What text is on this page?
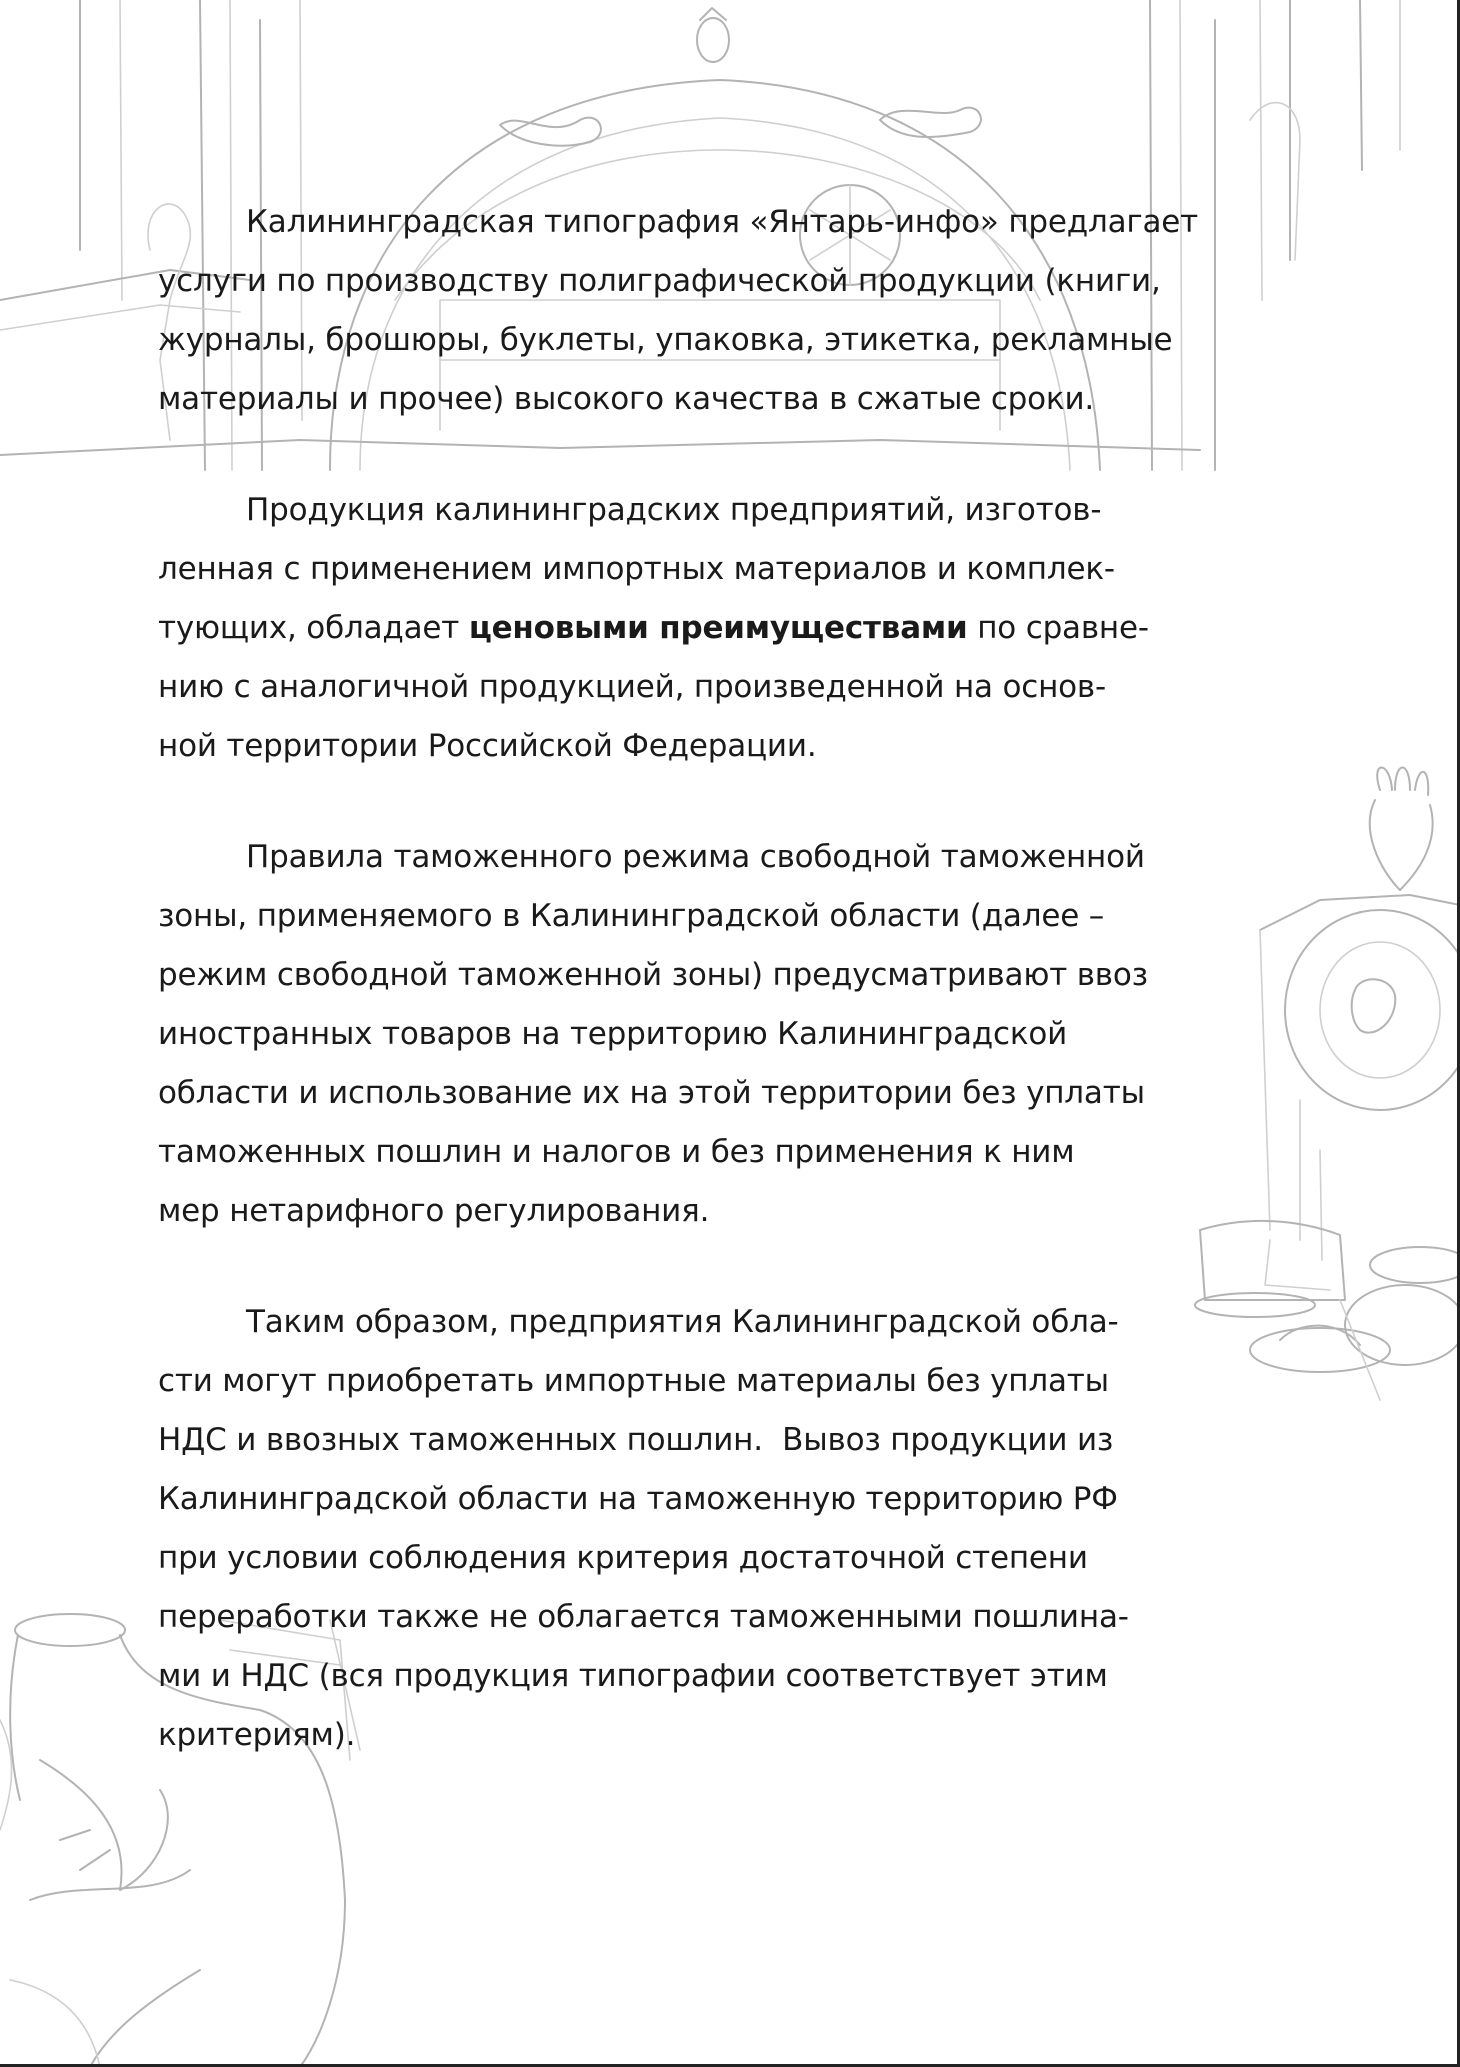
Калининградская типография «Янтарь-инфо» предлагает
услуги по производству полиграфической продукции (книги,
журналы, брошюры, буклеты, упаковка, этикетка, рекламные
материалы и прочее) высокого качества в сжатые сроки.

Продукция калининградских предприятий, изготов-
ленная с применением импортных материалов и комплек-
тующих, обладает ценовыми преимуществами по сравне-
нию с аналогичной продукцией, произведенной на основ-
ной территории Российской Федерации.

Правила таможенного режима свободной таможенной
зоны, применяемого в Калининградской области (далее –
режим свободной таможенной зоны) предусматривают ввоз
иностранных товаров на территорию Калининградской
области и использование их на этой территории без уплаты
таможенных пошлин и налогов и без применения к ним
мер нетарифного регулирования.

Таким образом, предприятия Калининградской обла-
сти могут приобретать импортные материалы без уплаты
НДС и ввозных таможенных пошлин.  Вывоз продукции из
Калининградской области на таможенную территорию РФ
при условии соблюдения критерия достаточной степени
переработки также не облагается таможенными пошлина-
ми и НДС (вся продукция типографии соответствует этим
критериям).
